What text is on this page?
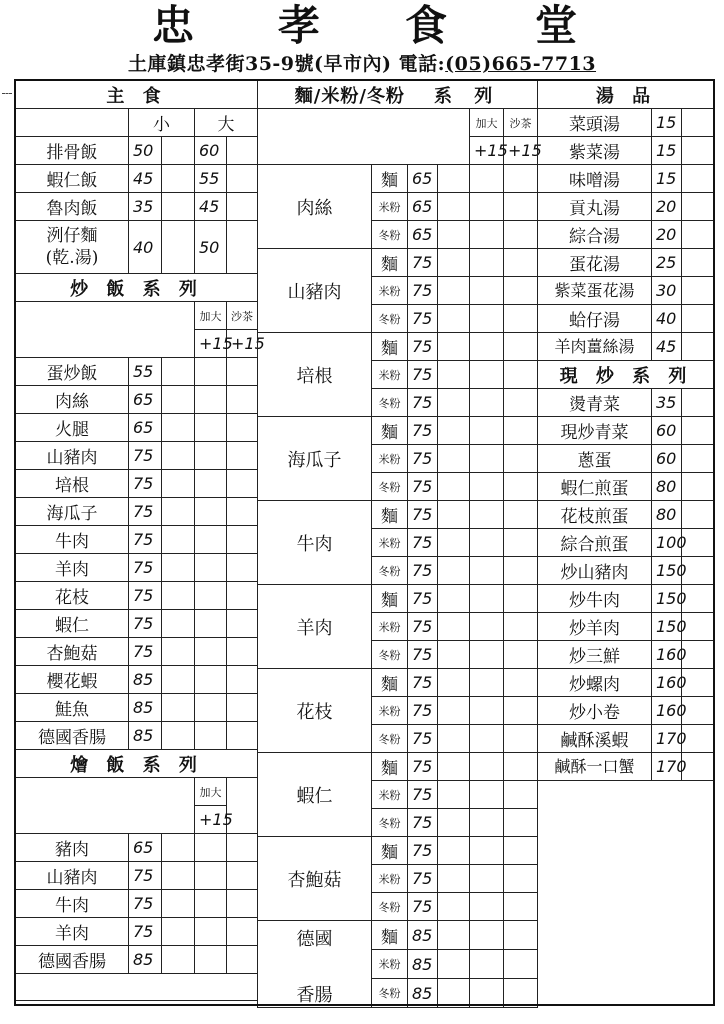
忠 孝 食 堂
土庫鎮忠孝街35-9號(早市內) 電話:(05)665-7713
主 食				
	小		大	
排骨飯	50		60	
蝦仁飯	45		55	
魯肉飯	35		45	

洌仔麵
(乾.湯)	40		50	
炒 飯 系 列				
			加大	沙茶
			+15	+15
蛋炒飯	55			
肉絲	65			
火腿	65			
山豬肉	75			
培根	75			
海瓜子	75			
牛肉	75			
羊肉	75			
花枝	75			
蝦仁	75			
杏鮑菇	75			
櫻花蝦	85			
鮭魚	85			
德國香腸	85			
燴 飯 系 列				
			加大	
			+15	
豬肉	65			
山豬肉	75			
牛肉	75			
羊肉	75			
德國香腸	85			

麵/米粉/冬粉 系 列					
				加大	沙茶
				+15	+15
肉絲	麵	65			
	米粉	65			
	冬粉	65			
山豬肉	麵	75			
	米粉	75			
	冬粉	75			
培根	麵	75			
	米粉	75			
	冬粉	75			
海瓜子	麵	75			
	米粉	75			
	冬粉	75			
牛肉	麵	75			
	米粉	75			
	冬粉	75			
羊肉	麵	75			
	米粉	75			
	冬粉	75			
花枝	麵	75			
	米粉	75			
	冬粉	75			
蝦仁	麵	75			
	米粉	75			
	冬粉	75			
杏鮑菇	麵	75			
	米粉	75			
	冬粉	75			

德國
香腸	麵	85			
	米粉	85			
	冬粉	85			
湯 品		
菜頭湯	15	
紫菜湯	15	
味噌湯	15	
貢丸湯	20	
綜合湯	20	
蛋花湯	25	
紫菜蛋花湯	30	
蛤仔湯	40	
羊肉薑絲湯	45	
現 炒 系 列		
燙青菜	35	
現炒青菜	60	
蔥蛋	60	
蝦仁煎蛋	80	
花枝煎蛋	80	
綜合煎蛋	100	
炒山豬肉	150	
炒牛肉	150	
炒羊肉	150	
炒三鮮	160	
炒螺肉	160	
炒小卷	160	
鹹酥溪蝦	170	
鹹酥一口蟹	170	
